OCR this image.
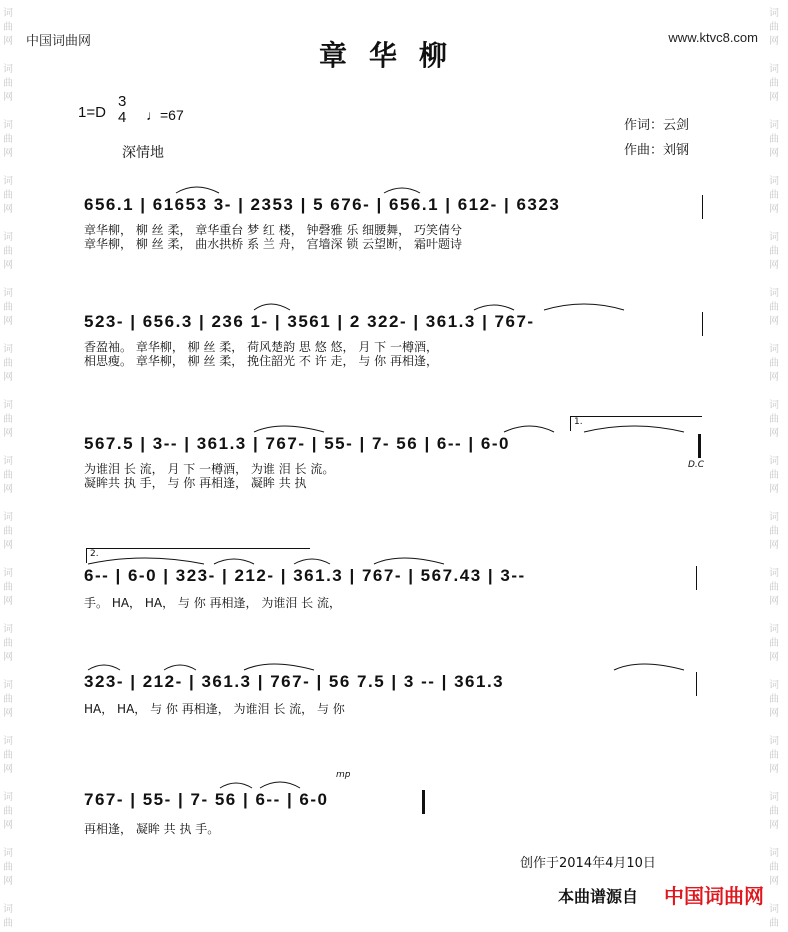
词
曲
网
词
曲
网
词
曲
网
词
曲
网
词
曲
网
词
曲
网
词
曲
网
词
曲
网
词
曲
网
词
曲
网
词
曲
网
词
曲
网
词
曲
网
词
曲
网
词
曲
网
词
曲
网
词
曲
词
曲
网
词
曲
网
词
曲
网
词
曲
网
词
曲
网
词
曲
网
词
曲
网
词
曲
网
词
曲
网
词
曲
网
词
曲
网
词
曲
网
词
曲
网
词
曲
网
词
曲
网
词
曲
网
词
曲
中国词曲网	www.ktvc8.com
章华柳
1=D
3
4 ♩=67
深情地
作词：云剑
作曲：刘钢
656.1 | 61653 3- | 2353 | 5 676- | 656.1 | 612- | 6323
章华柳， 柳 丝 柔， 章华重台 梦 红 楼， 钟磬雅 乐 细腰舞， 巧笑倩兮
章华柳， 柳 丝 柔， 曲水拱桥 系 兰 舟， 宫墙深 锁 云望断， 霜叶题诗
523- | 656.3 | 236 1- | 3561 | 2 322- | 361.3 | 767-
香盈袖。 章华柳， 柳 丝 柔， 荷风楚韵 思 悠 悠， 月 下 一樽酒，
相思瘦。 章华柳， 柳 丝 柔， 挽住韶光 不 许 走， 与 你 再相逢，
1.
567.5 | 3-- | 361.3 | 767- | 55- | 7- 56 | 6-- | 6-0
为谁泪 长 流， 月 下 一樽酒， 为谁 泪 长 流。
凝眸共 执 手， 与 你 再相逢， 凝眸 共 执
D.C
2.
6-- | 6-0 | 323- | 212- | 361.3 | 767- | 567.43 | 3--
手。 HA， HA， 与 你 再相逢， 为谁泪 长 流，
323- | 212- | 361.3 | 767- | 56 7.5 | 3 -- | 361.3
HA， HA， 与 你 再相逢， 为谁泪 长 流， 与 你
mp
767- | 55- | 7- 56 | 6-- | 6-0
再相逢， 凝眸 共 执 手。
创作于2014年4月10日
本曲谱源自 中国词曲网
